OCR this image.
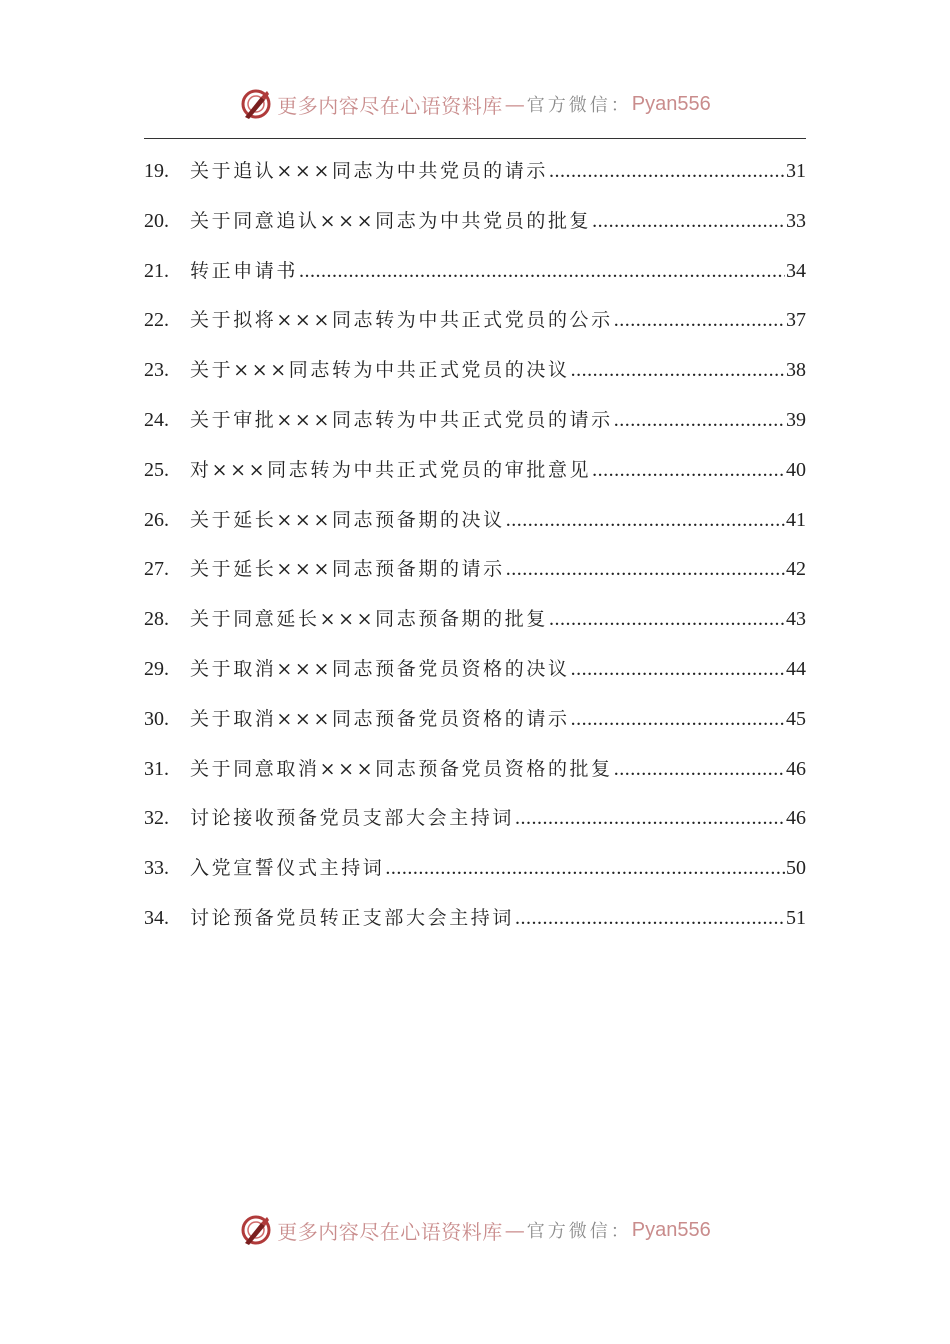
更多内容尽在心语资料库 — 官方微信： Pyan556
19.	关于追认×××同志为中共党员的请示 .....	31
20.	关于同意追认×××同志为中共党员的批复 .....	33
21.	转正申请书 .....	34
22.	关于拟将×××同志转为中共正式党员的公示 .....	37
23.	关于×××同志转为中共正式党员的决议 .....	38
24.	关于审批×××同志转为中共正式党员的请示 .....	39
25.	对×××同志转为中共正式党员的审批意见 .....	40
26.	关于延长×××同志预备期的决议 .....	41
27.	关于延长×××同志预备期的请示 .....	42
28.	关于同意延长×××同志预备期的批复 .....	43
29.	关于取消×××同志预备党员资格的决议 .....	44
30.	关于取消×××同志预备党员资格的请示 .....	45
31.	关于同意取消×××同志预备党员资格的批复 .....	46
32.	讨论接收预备党员支部大会主持词 .....	46
33.	入党宣誓仪式主持词 .....	50
34.	讨论预备党员转正支部大会主持词 .....	51
更多内容尽在心语资料库 — 官方微信： Pyan556
